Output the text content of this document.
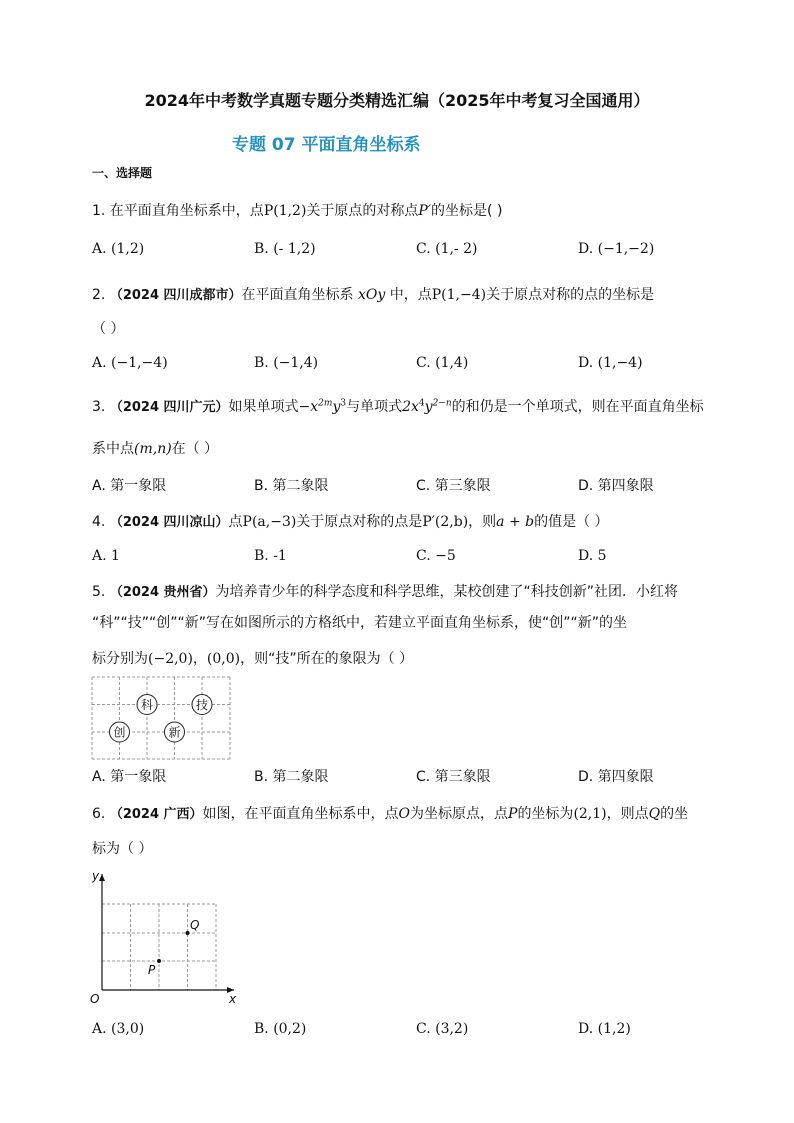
2024年中考数学真题专题分类精选汇编（2025年中考复习全国通用）
专题 07 平面直角坐标系
一、选择题
1. 在平面直角坐标系中，点P(1,2)关于原点的对称点P′的坐标是( )
A. (1,2)	B. (- 1,2)	C. (1,- 2)	D. (−1,−2)
2. （2024 四川成都市）在平面直角坐标系 xOy 中，点P(1,−4)关于原点对称的点的坐标是
（ ）
A. (−1,−4)	B. (−1,4)	C. (1,4)	D. (1,−4)
3. （2024 四川广元）如果单项式$-x^{2m}y^3$与单项式$2x^4y^{2-n}$的和仍是一个单项式，则在平面直角坐标
系中点(m,n)在（ ）
A. 第一象限	B. 第二象限	C. 第三象限	D. 第四象限
4. （2024 四川凉山）点P(a,−3)关于原点对称的点是P′(2,b)，则a + b的值是（ ）
A. 1	B. -1	C. −5	D. 5
5. （2024 贵州省）为培养青少年的科学态度和科学思维，某校创建了“科技创新”社团．小红将
“科”“技”“创”“新”写在如图所示的方格纸中，若建立平面直角坐标系，使“创”“新”的坐
标分别为(−2,0)，(0,0)，则“技”所在的象限为（ ）
科	技
创	新
A. 第一象限	B. 第二象限	C. 第三象限	D. 第四象限
6. （2024 广西）如图，在平面直角坐标系中，点O为坐标原点，点P的坐标为(2,1)，则点Q的坐
标为（ ）
y
x
O
P
Q
A. (3,0)	B. (0,2)	C. (3,2)	D. (1,2)
